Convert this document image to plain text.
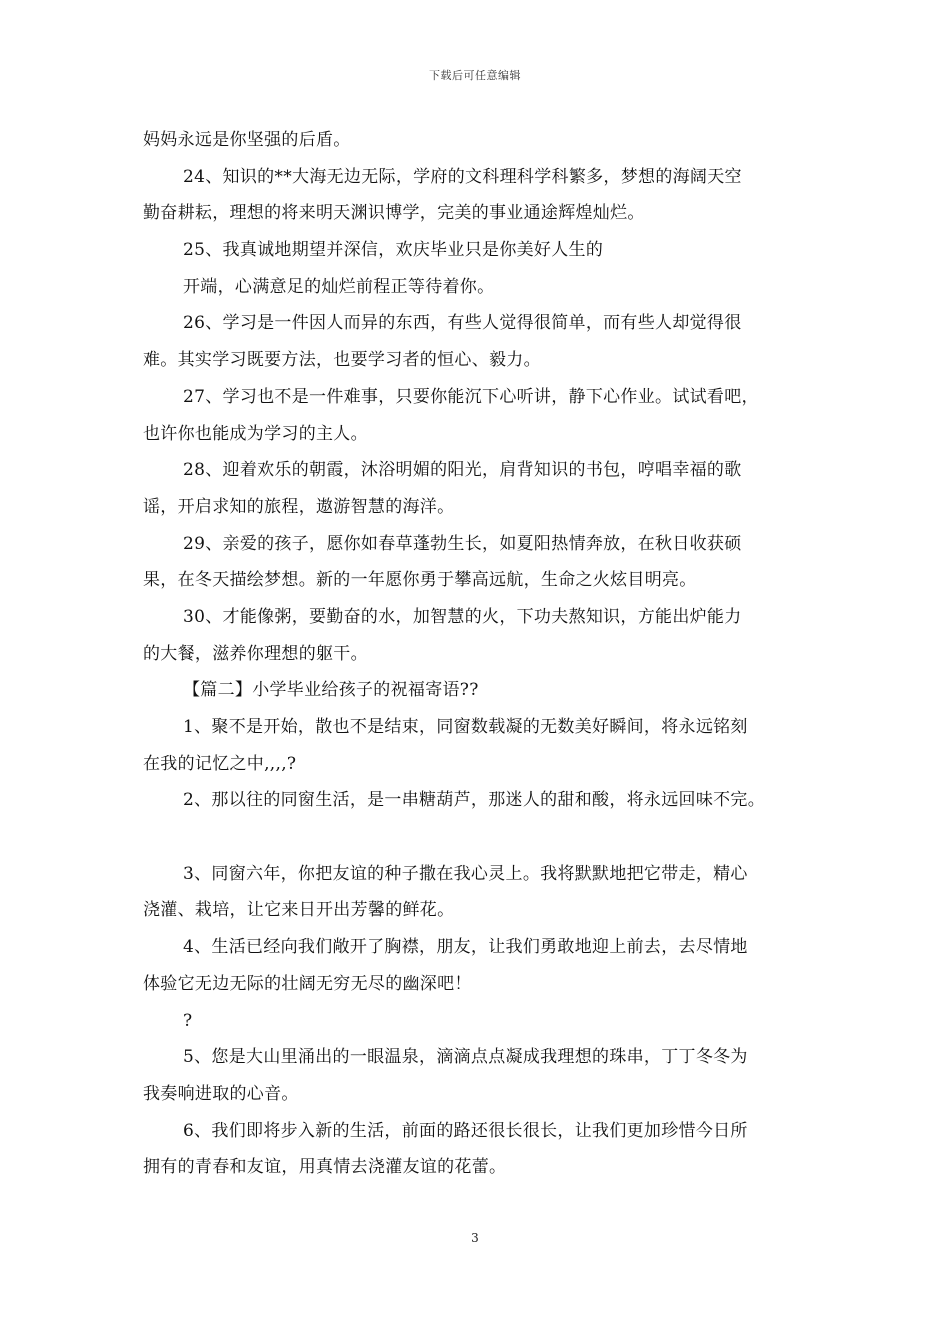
下载后可任意编辑
妈妈永远是你坚强的后盾。
24、知识的**大海无边无际，学府的文科理科学科繁多，梦想的海阔天空
勤奋耕耘，理想的将来明天渊识博学，完美的事业通途辉煌灿烂。
25、我真诚地期望并深信，欢庆毕业只是你美好人生的
开端，心满意足的灿烂前程正等待着你。
26、学习是一件因人而异的东西，有些人觉得很简单，而有些人却觉得很
难。其实学习既要方法，也要学习者的恒心、毅力。
27、学习也不是一件难事，只要你能沉下心听讲，静下心作业。试试看吧，
也许你也能成为学习的主人。
28、迎着欢乐的朝霞，沐浴明媚的阳光，肩背知识的书包，哼唱幸福的歌
谣，开启求知的旅程，遨游智慧的海洋。
29、亲爱的孩子，愿你如春草蓬勃生长，如夏阳热情奔放，在秋日收获硕
果，在冬天描绘梦想。新的一年愿你勇于攀高远航，生命之火炫目明亮。
30、才能像粥，要勤奋的水，加智慧的火，下功夫熬知识，方能出炉能力
的大餐，滋养你理想的躯干。
【篇二】小学毕业给孩子的祝福寄语??
1、聚不是开始，散也不是结束，同窗数载凝的无数美好瞬间，将永远铭刻
在我的记忆之中,,,,?
2、那以往的同窗生活，是一串糖葫芦，那迷人的甜和酸，将永远回味不完。
3、同窗六年，你把友谊的种子撒在我心灵上。我将默默地把它带走，精心
浇灌、栽培，让它来日开出芳馨的鲜花。
4、生活已经向我们敞开了胸襟，朋友，让我们勇敢地迎上前去，去尽情地
体验它无边无际的壮阔无穷无尽的幽深吧！
?
5、您是大山里涌出的一眼温泉，滴滴点点凝成我理想的珠串，丁丁冬冬为
我奏响进取的心音。
6、我们即将步入新的生活，前面的路还很长很长，让我们更加珍惜今日所
拥有的青春和友谊，用真情去浇灌友谊的花蕾。
3
